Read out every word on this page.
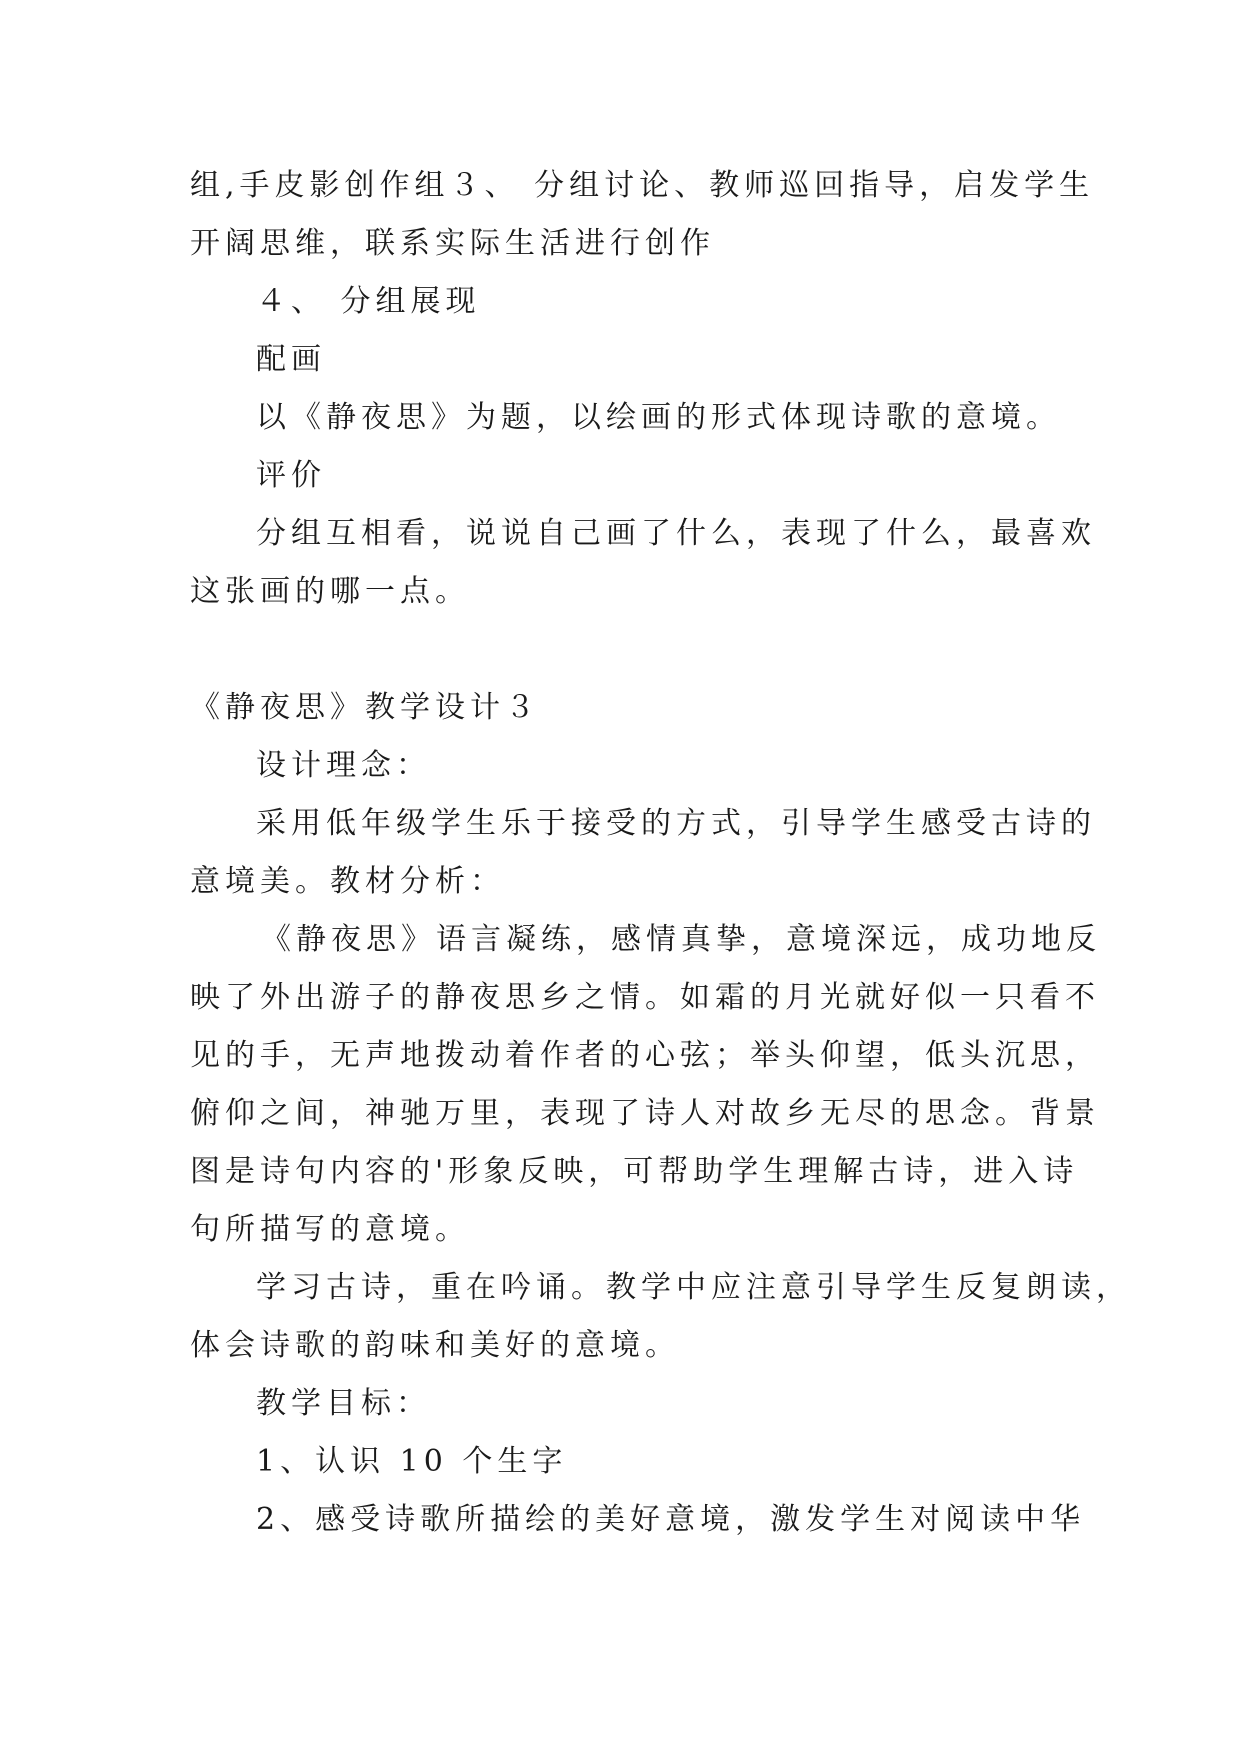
组,手皮影创作组３、 分组讨论、教师巡回指导，启发学生
开阔思维，联系实际生活进行创作
４、 分组展现
配画
以《静夜思》为题，以绘画的形式体现诗歌的意境。
评价
分组互相看，说说自己画了什么，表现了什么，最喜欢
这张画的哪一点。
《静夜思》教学设计３
设计理念：
采用低年级学生乐于接受的方式，引导学生感受古诗的
意境美。教材分析：
《静夜思》语言凝练，感情真挚，意境深远，成功地反
映了外出游子的静夜思乡之情。如霜的月光就好似一只看不
见的手，无声地拨动着作者的心弦；举头仰望，低头沉思，
俯仰之间，神驰万里，表现了诗人对故乡无尽的思念。背景
图是诗句内容的'形象反映，可帮助学生理解古诗，进入诗
句所描写的意境。
学习古诗，重在吟诵。教学中应注意引导学生反复朗读，
体会诗歌的韵味和美好的意境。
教学目标：
1、认识 10 个生字
2、感受诗歌所描绘的美好意境，激发学生对阅读中华
